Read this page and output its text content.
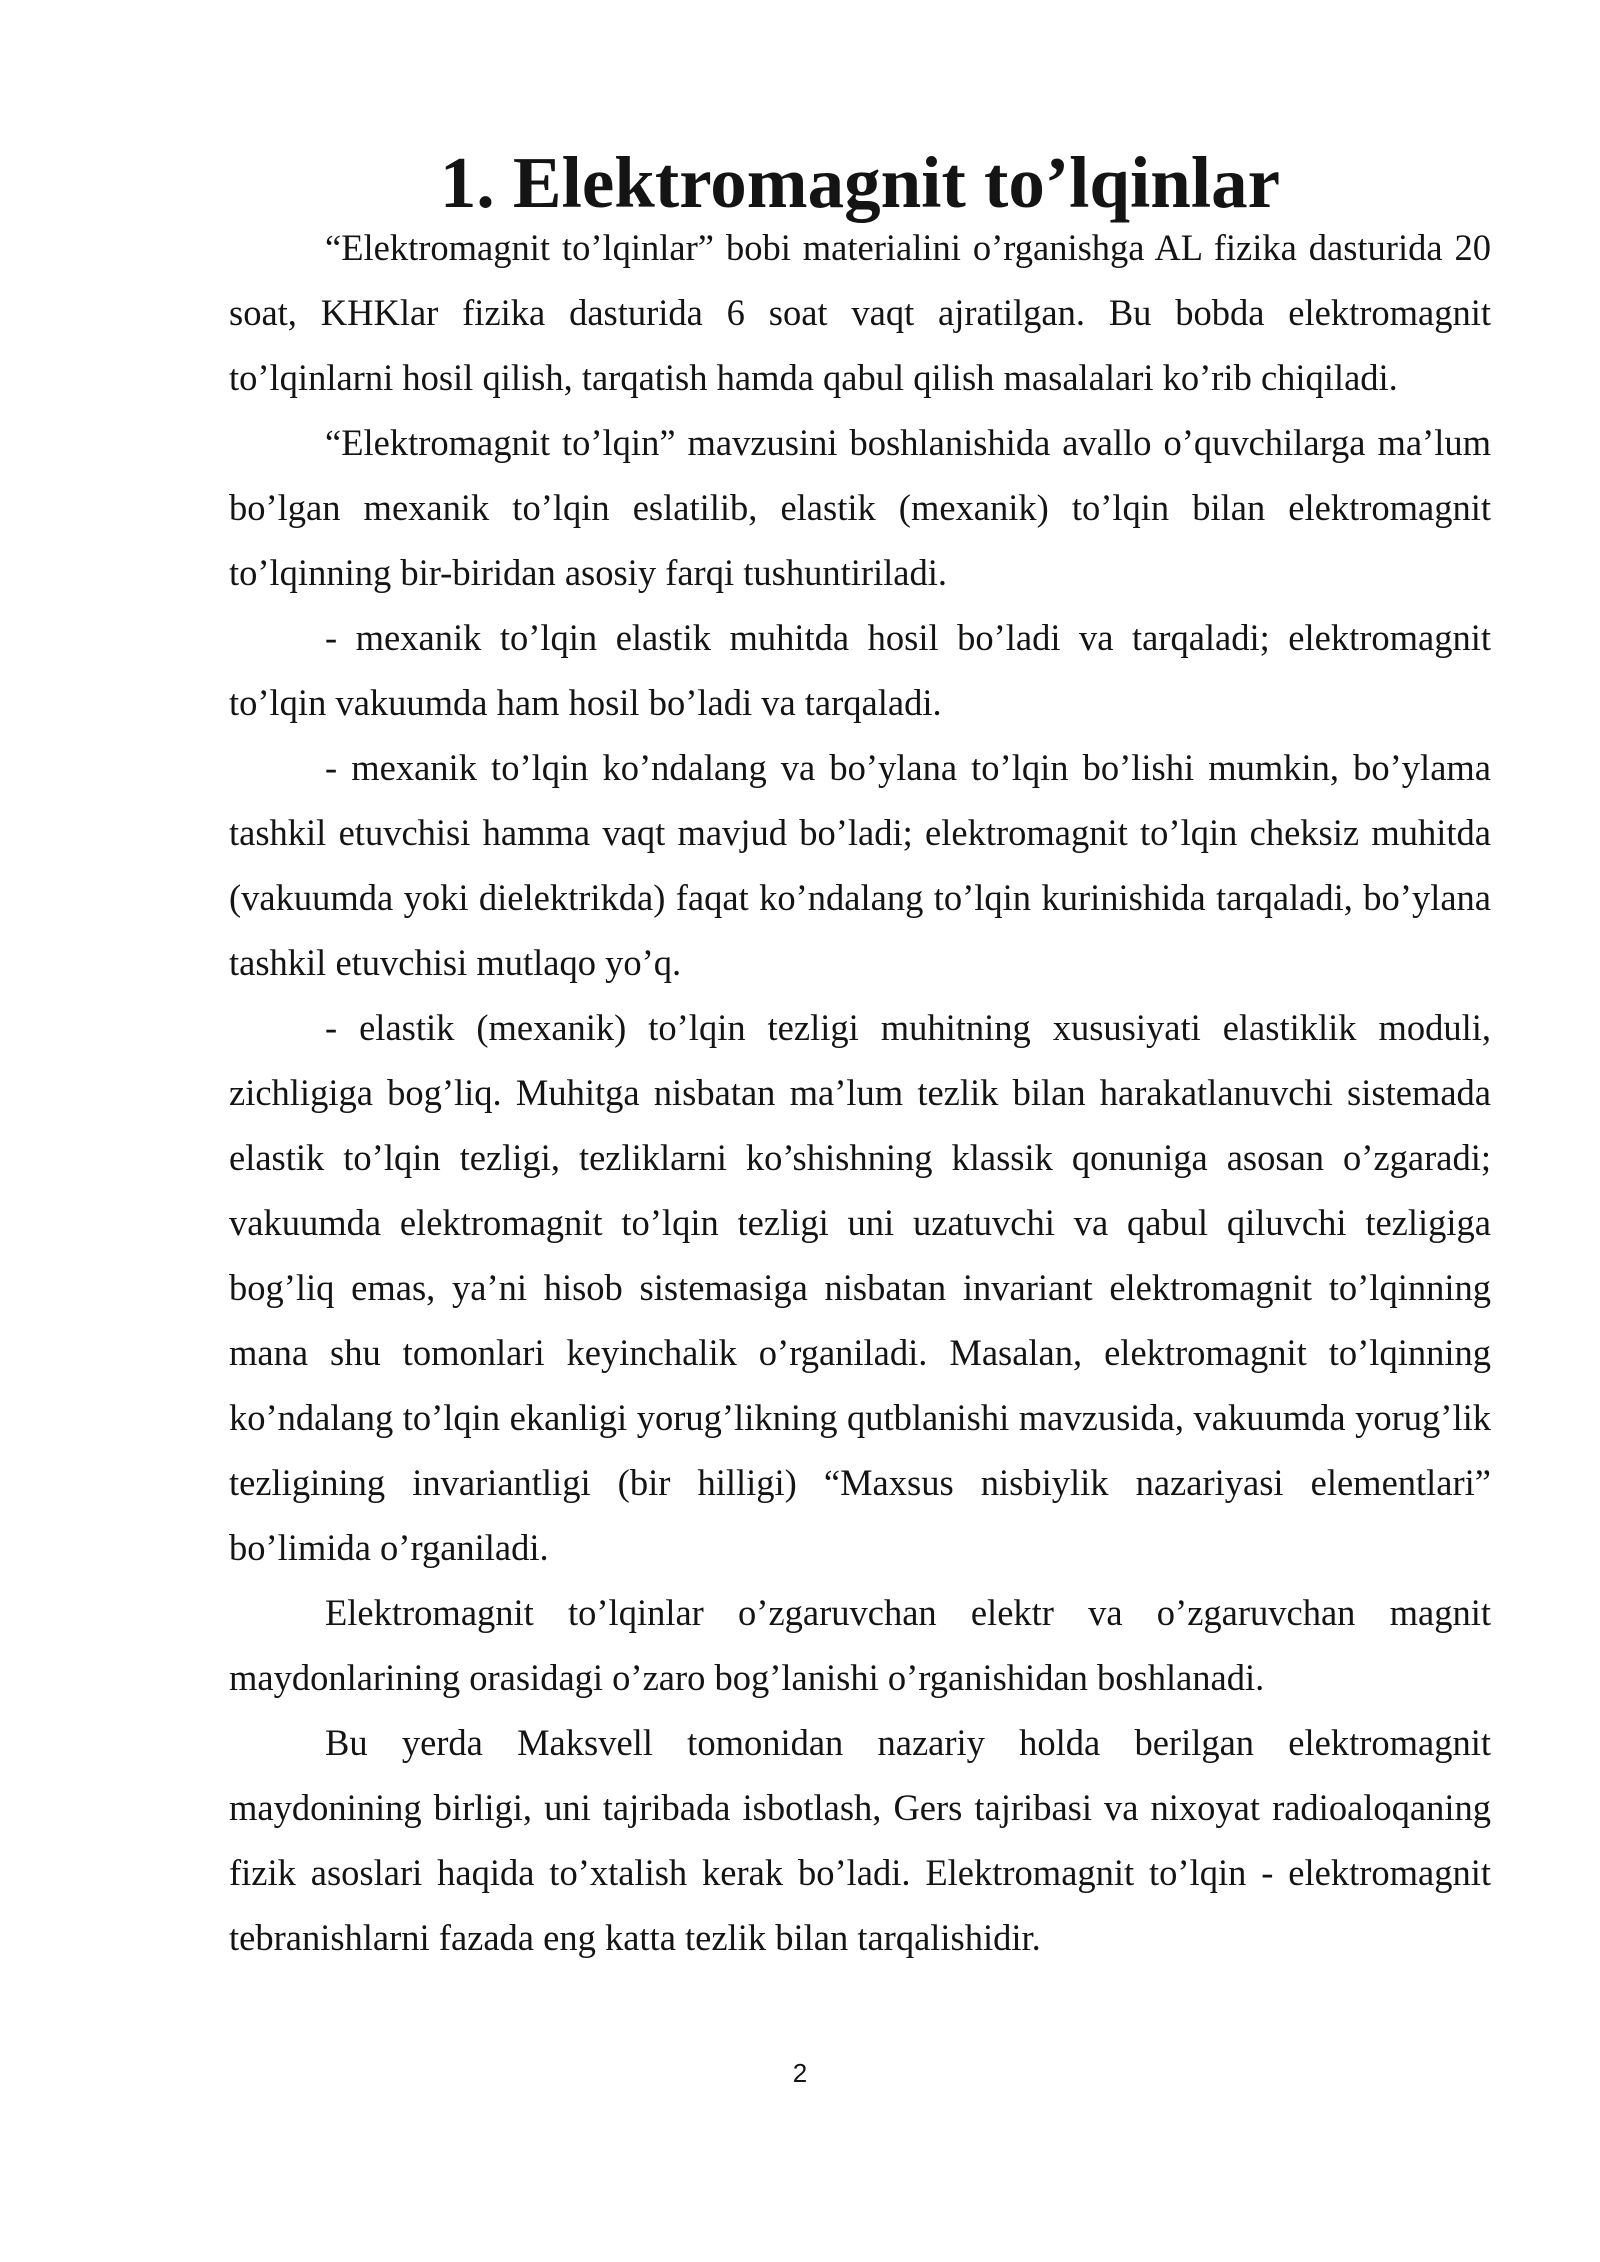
1. Elektromagnit to’lqinlar

“Elektromagnit to’lqinlar” bobi materialini o’rganishga AL fizika dasturida 20 soat, KHKlar fizika dasturida 6 soat vaqt ajratilgan. Bu bobda elektromagnit to’lqinlarni hosil qilish, tarqatish hamda qabul qilish masalalari ko’rib chiqiladi.

“Elektromagnit to’lqin” mavzusini boshlanishida avallo o’quvchilarga ma’lum bo’lgan mexanik to’lqin eslatilib, elastik (mexanik) to’lqin bilan elektromagnit to’lqinning bir-biridan asosiy farqi tushuntiriladi.

- mexanik to’lqin elastik muhitda hosil bo’ladi va tarqaladi; elektromagnit to’lqin vakuumda ham hosil bo’ladi va tarqaladi.

- mexanik to’lqin ko’ndalang va bo’ylana to’lqin bo’lishi mumkin, bo’ylama tashkil etuvchisi hamma vaqt mavjud bo’ladi; elektromagnit to’lqin cheksiz muhitda (vakuumda yoki dielektrikda) faqat ko’ndalang to’lqin kurinishida tarqaladi, bo’ylana tashkil etuvchisi mutlaqo yo’q.

- elastik (mexanik) to’lqin tezligi muhitning xususiyati elastiklik moduli, zichligiga bog’liq. Muhitga nisbatan ma’lum tezlik bilan harakatlanuvchi sistemada elastik to’lqin tezligi, tezliklarni ko’shishning klassik qonuniga asosan o’zgaradi; vakuumda elektromagnit to’lqin tezligi uni uzatuvchi va qabul qiluvchi tezligiga bog’liq emas, ya’ni hisob sistemasiga nisbatan invariant elektromagnit to’lqinning mana shu tomonlari keyinchalik o’rganiladi. Masalan, elektromagnit to’lqinning ko’ndalang to’lqin ekanligi yorug’likning qutblanishi mavzusida, vakuumda yorug’lik tezligining invariantligi (bir hilligi) “Maxsus nisbiylik nazariyasi elementlari” bo’limida o’rganiladi.

Elektromagnit to’lqinlar o’zgaruvchan elektr va o’zgaruvchan magnit maydonlarining orasidagi o’zaro bog’lanishi o’rganishidan boshlanadi.

Bu yerda Maksvell tomonidan nazariy holda berilgan elektromagnit maydonining birligi, uni tajribada isbotlash, Gers tajribasi va nixoyat radioaloqaning fizik asoslari haqida to’xtalish kerak bo’ladi. Elektromagnit to’lqin - elektromagnit tebranishlarni fazada eng katta tezlik bilan tarqalishidir.

2
